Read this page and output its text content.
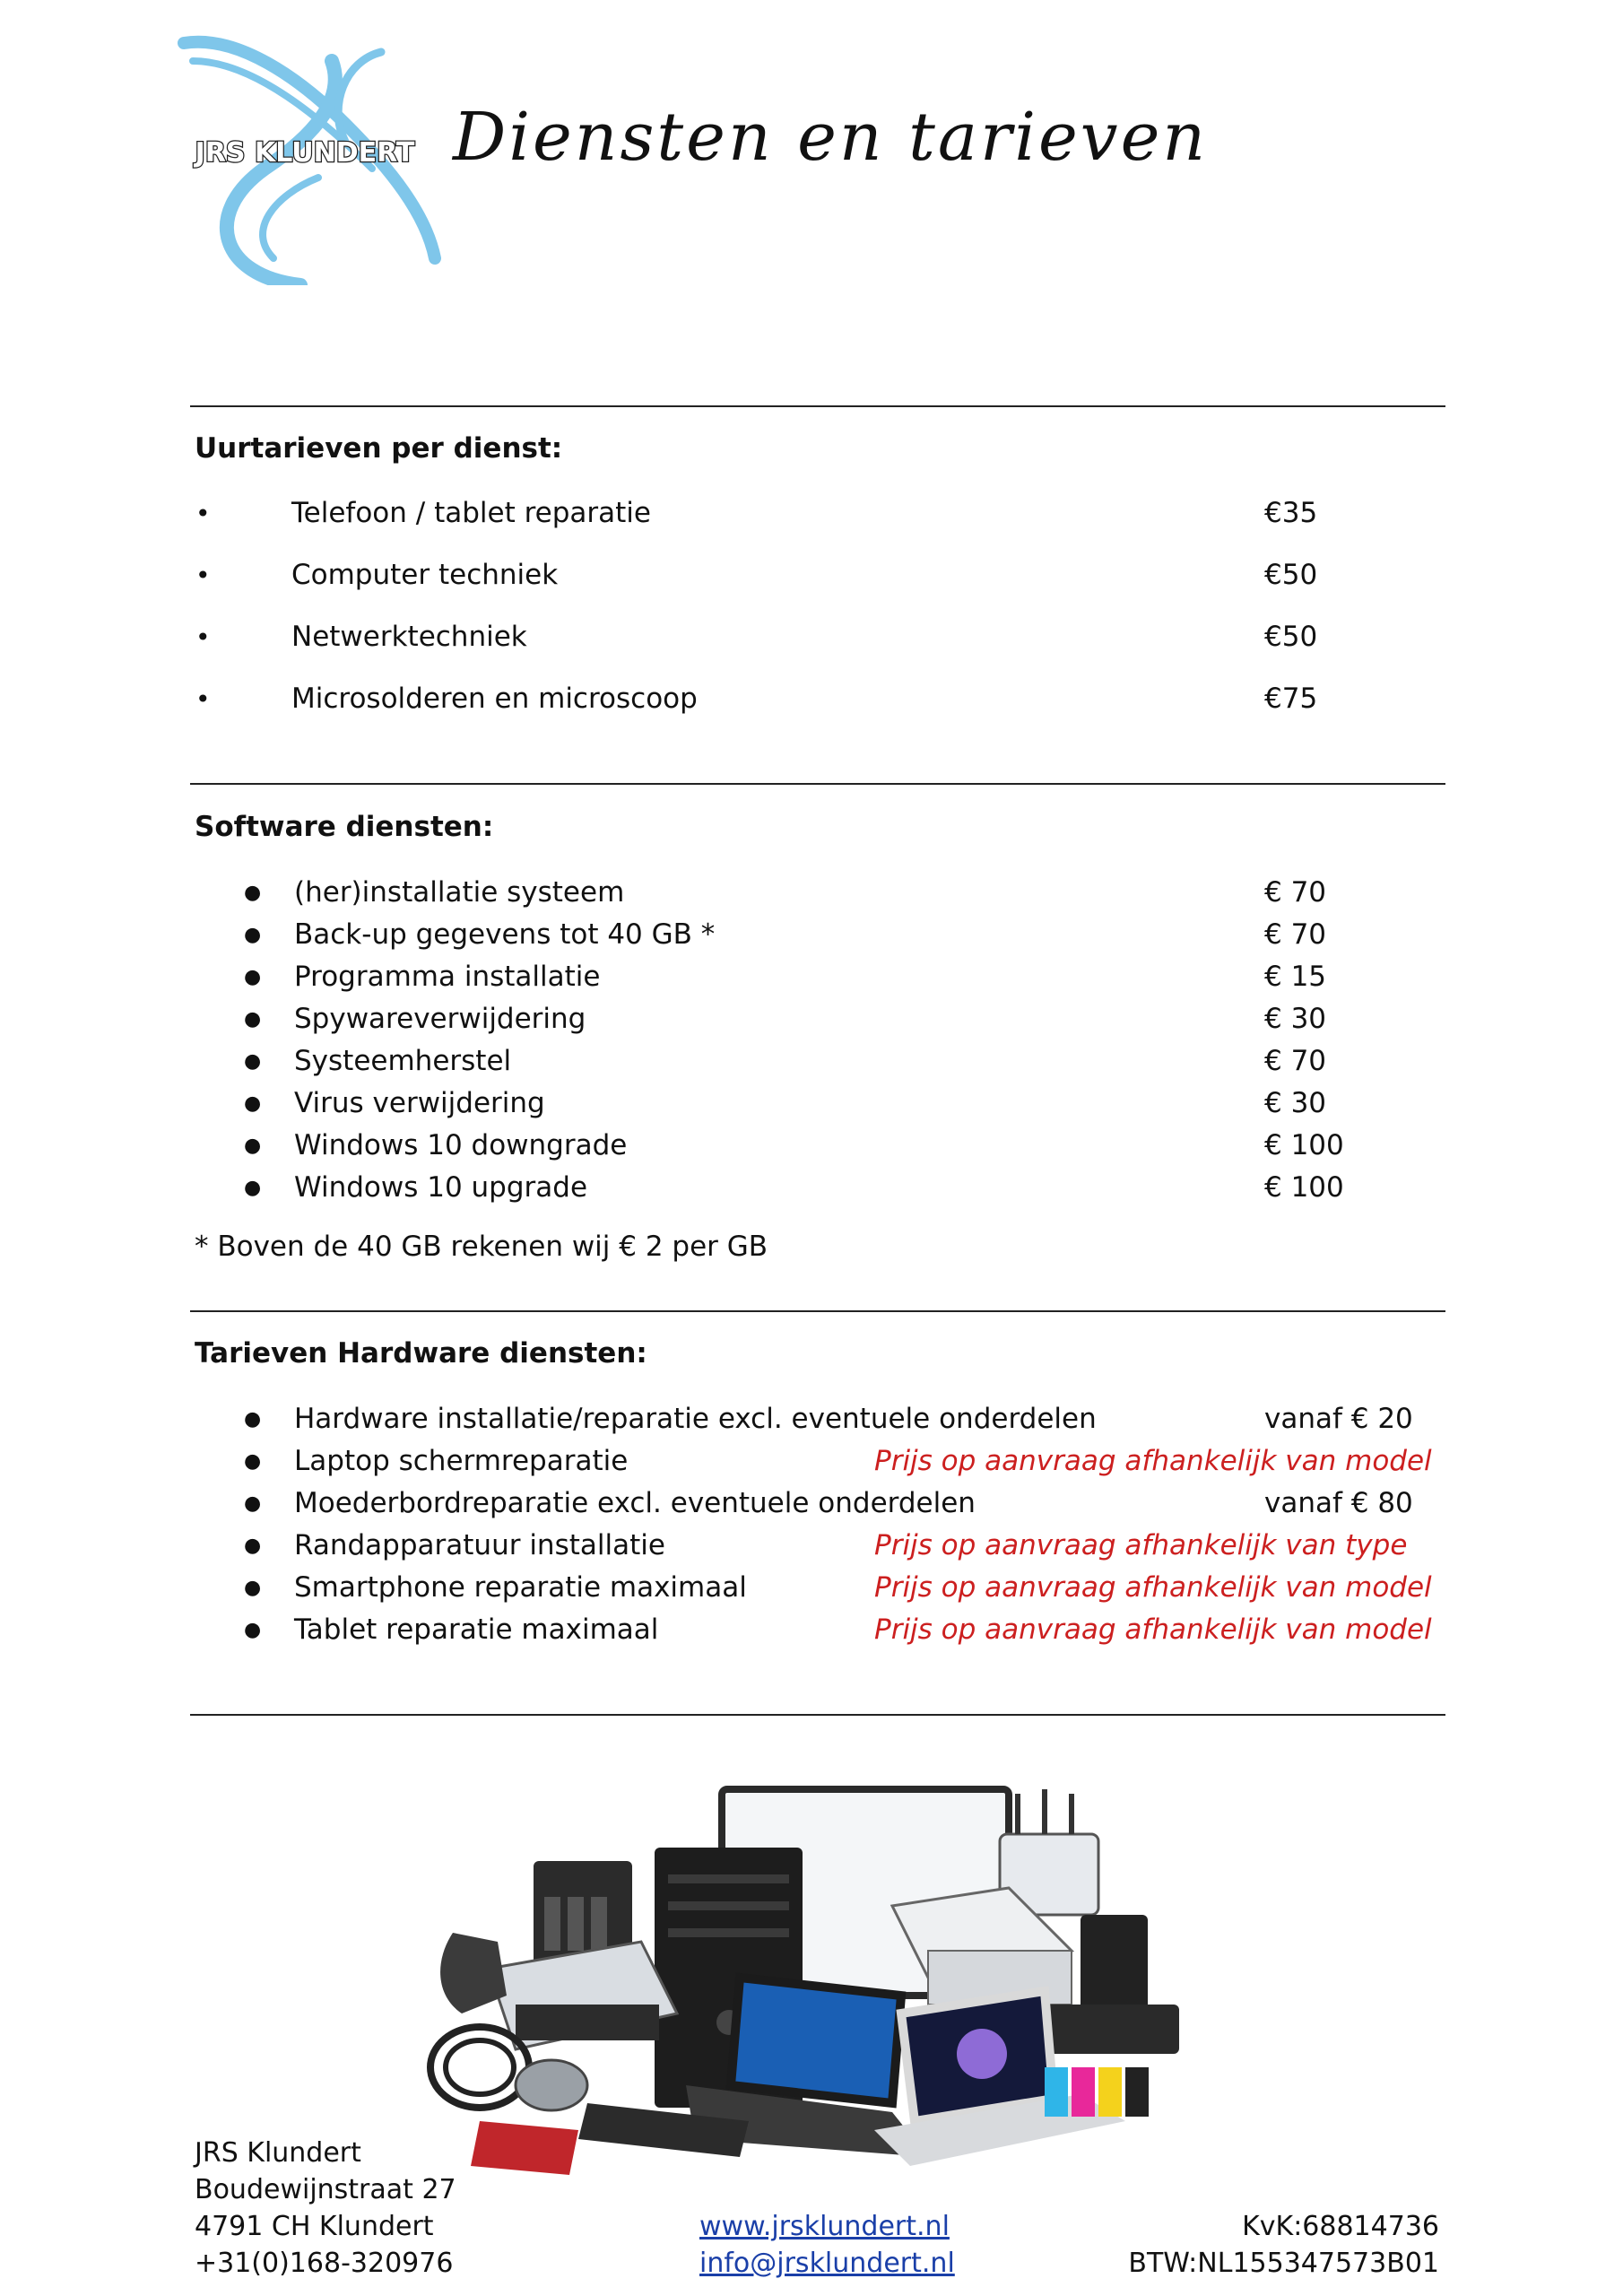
JRS KLUNDERT Diensten en tarieven
Uurtarieven per dienst:
•	Telefoon / tablet reparatie	€35
•	Computer techniek	€50
•	Netwerktechniek	€50
•	Microsolderen en microscoop	€75
Software diensten:
● (her)installatie systeem	€ 70
● Back-up gegevens tot 40 GB *	€ 70
● Programma installatie	€ 15
● Spywareverwijdering	€ 30
● Systeemherstel	€ 70
● Virus verwijdering	€ 30
● Windows 10 downgrade	€ 100
● Windows 10 upgrade	€ 100
* Boven de 40 GB rekenen wij € 2 per GB
Tarieven Hardware diensten:
● Hardware installatie/reparatie excl. eventuele onderdelen	vanaf € 20
● Laptop schermreparatie	Prijs op aanvraag afhankelijk van model
● Moederbordreparatie excl. eventuele onderdelen	vanaf € 80
● Randapparatuur installatie	Prijs op aanvraag afhankelijk van type
● Smartphone reparatie maximaal	Prijs op aanvraag afhankelijk van model
● Tablet reparatie maximaal	Prijs op aanvraag afhankelijk van model
JRS Klundert
Boudewijnstraat 27
4791 CH Klundert
+31(0)168-320976
www.jrsklundert.nl
info@jrsklundert.nl
KvK:68814736
BTW:NL155347573B01
